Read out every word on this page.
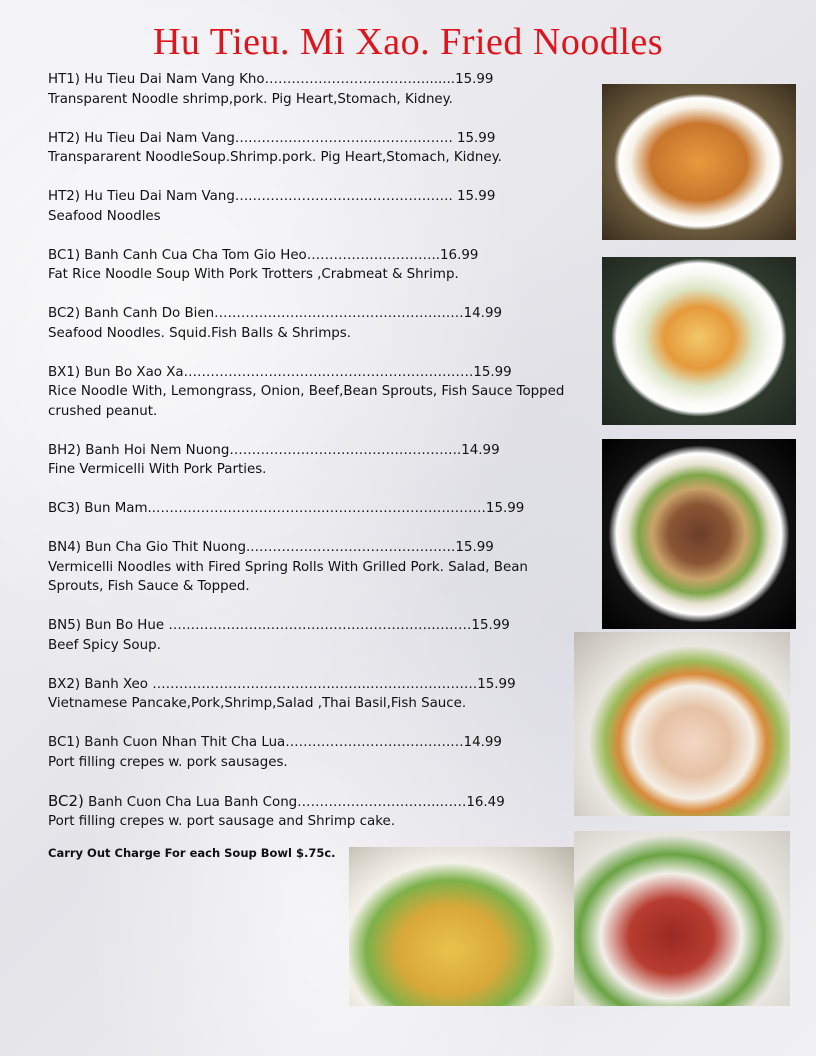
Hu Tieu. Mi Xao. Fried Noodles
HT1) Hu Tieu Dai Nam Vang Kho……………………………….......15.99
Transparent Noodle shrimp,pork. Pig Heart,Stomach, Kidney.
HT2) Hu Tieu Dai Nam Vang….……………………..………………. 15.99
Transpararent NoodleSoup.Shrimp.pork. Pig Heart,Stomach, Kidney.
HT2) Hu Tieu Dai Nam Vang….……………………..………………. 15.99
Seafood Noodles
BC1) Banh Canh Cua Cha Tom Gio Heo……………….………..16.99
Fat Rice Noodle Soup With Pork Trotters ,Crabmeat & Shrimp.
BC2) Banh Canh Do Bien………………..………………………………14.99
Seafood Noodles. Squid.Fish Balls & Shrimps.
BX1) Bun Bo Xao Xa…………………………..……………………………15.99
Rice Noodle With, Lemongrass, Onion, Beef,Bean Sprouts, Fish Sauce Topped crushed peanut.
BH2) Banh Hoi Nem Nuong…………………………………………….14.99
Fine Vermicelli With Pork Parties.
BC3) Bun Mam..………………………………..………………………………15.99
BN4) Bun Cha Gio Thit Nuong..………………………………………15.99
Vermicelli Noodles with Fired Spring Rolls With Grilled Pork. Salad, Bean Sprouts, Fish Sauce & Topped.
BN5) Bun Bo Hue ………………….……………………………….………15.99
Beef Spicy Soup.
BX2) Banh Xeo …………………………………..……..……………………15.99
Vietnamese Pancake,Pork,Shrimp,Salad ,Thai Basil,Fish Sauce.
BC1) Banh Cuon Nhan Thit Cha Lua……………………………….…14.99
Port filling crepes w. pork sausages.
BC2) Banh Cuon Cha Lua Banh Cong…………………………..……16.49
Port filling crepes w. port sausage and Shrimp cake.
Carry Out Charge For each Soup Bowl $.75c.
